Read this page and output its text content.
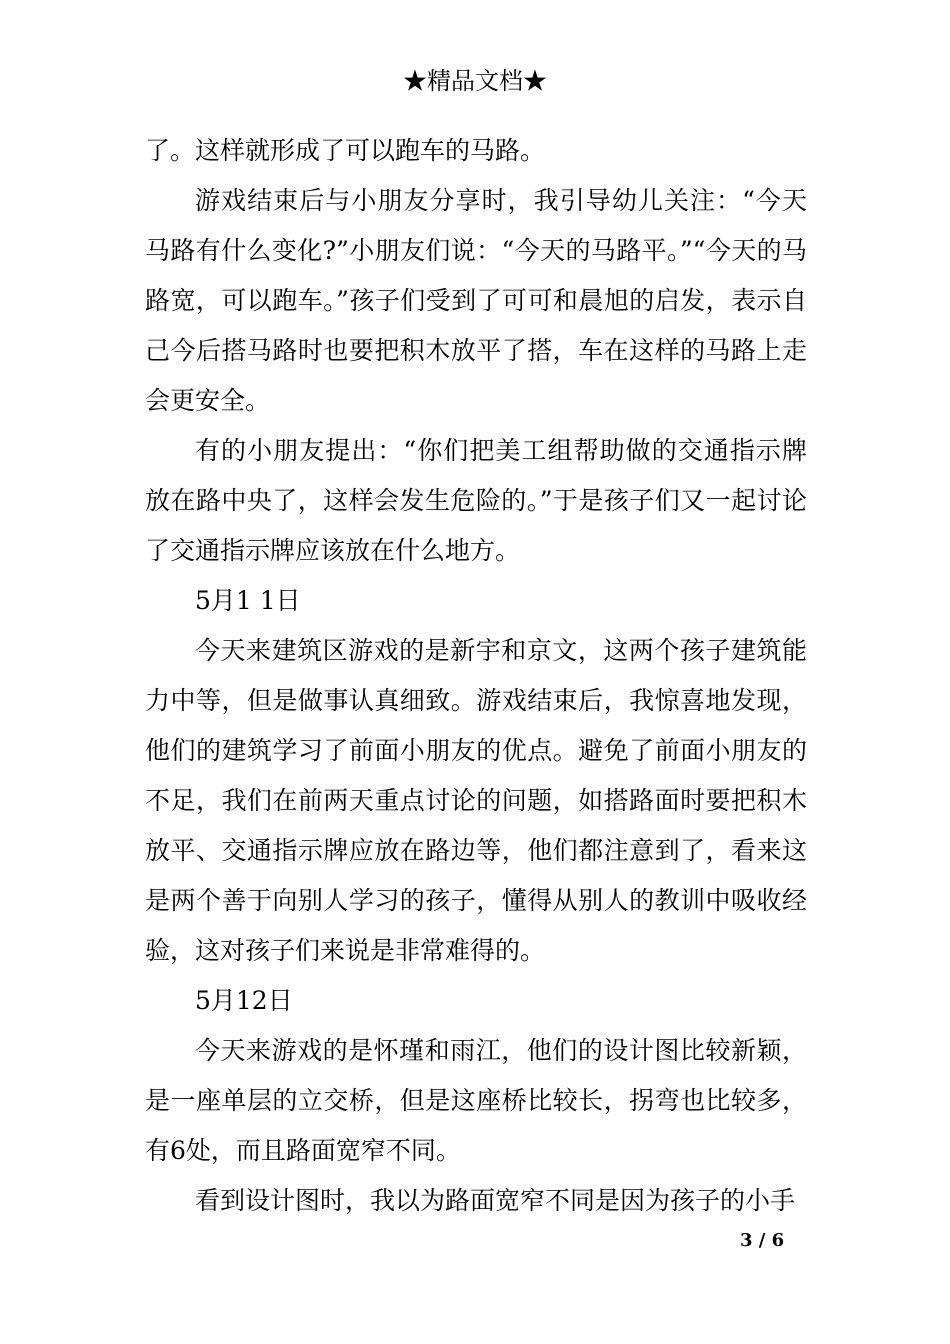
★精品文档★

了。这样就形成了可以跑车的马路。

游戏结束后与小朋友分享时，我引导幼儿关注：“今天马路有什么变化?”小朋友们说：“今天的马路平。”“今天的马路宽，可以跑车。”孩子们受到了可可和晨旭的启发，表示自己今后搭马路时也要把积木放平了搭，车在这样的马路上走会更安全。

有的小朋友提出：“你们把美工组帮助做的交通指示牌放在路中央了，这样会发生危险的。”于是孩子们又一起讨论了交通指示牌应该放在什么地方。

5月1 1日

今天来建筑区游戏的是新宇和京文，这两个孩子建筑能力中等，但是做事认真细致。游戏结束后，我惊喜地发现，他们的建筑学习了前面小朋友的优点。避免了前面小朋友的不足，我们在前两天重点讨论的问题，如搭路面时要把积木放平、交通指示牌应放在路边等，他们都注意到了，看来这是两个善于向别人学习的孩子，懂得从别人的教训中吸收经验，这对孩子们来说是非常难得的。

5月12日

今天来游戏的是怀瑾和雨江，他们的设计图比较新颖，是一座单层的立交桥，但是这座桥比较长，拐弯也比较多，有6处，而且路面宽窄不同。

看到设计图时，我以为路面宽窄不同是因为孩子的小手

3 / 6
